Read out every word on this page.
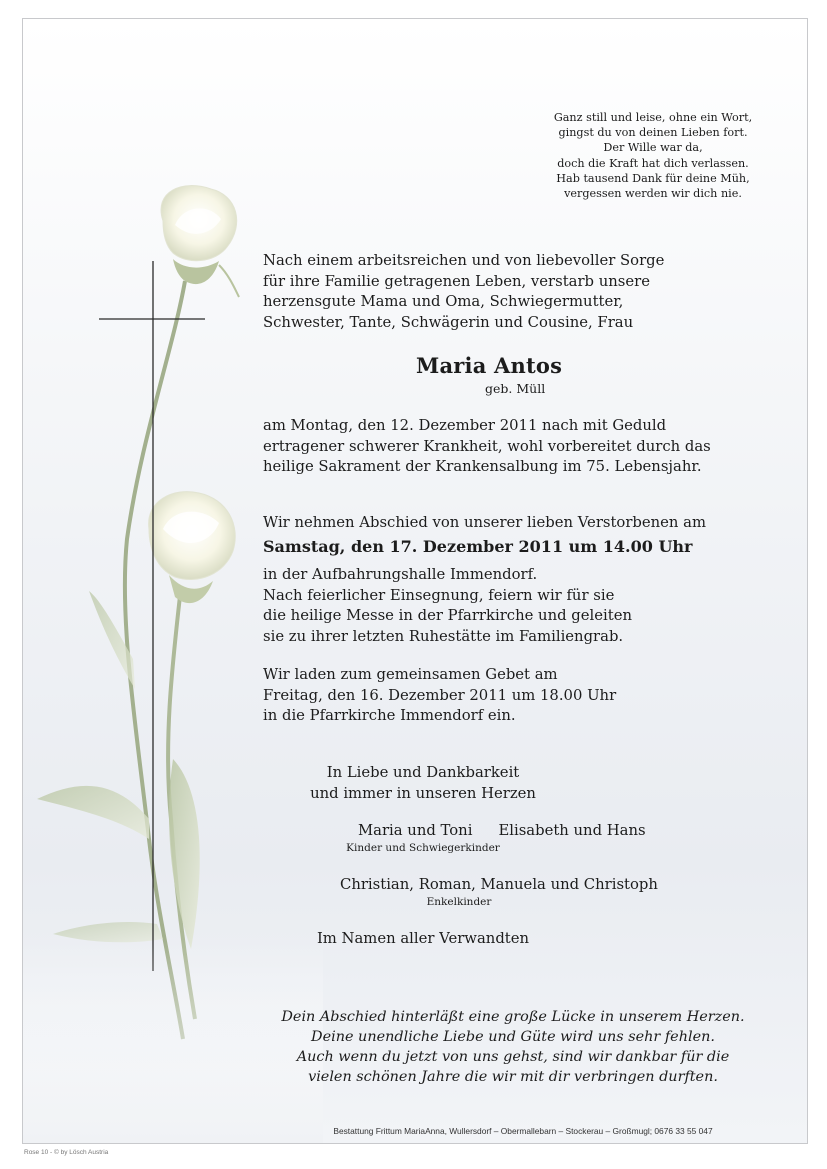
Ganz still und leise, ohne ein Wort,
gingst du von deinen Lieben fort.
Der Wille war da,
doch die Kraft hat dich verlassen.
Hab tausend Dank für deine Müh,
vergessen werden wir dich nie.
Nach einem arbeitsreichen und von liebevoller Sorge
für ihre Familie getragenen Leben, verstarb unsere
herzensgute Mama und Oma, Schwiegermutter,
Schwester, Tante, Schwägerin und Cousine, Frau
Maria Antos
geb. Müll
am Montag, den 12. Dezember 2011 nach mit Geduld
ertragener schwerer Krankheit, wohl vorbereitet durch das
heilige Sakrament der Krankensalbung im 75. Lebensjahr.
Wir nehmen Abschied von unserer lieben Verstorbenen am
Samstag, den 17. Dezember 2011 um 14.00 Uhr
in der Aufbahrungshalle Immendorf.
Nach feierlicher Einsegnung, feiern wir für sie
die heilige Messe in der Pfarrkirche und geleiten
sie zu ihrer letzten Ruhestätte im Familiengrab.
Wir laden zum gemeinsamen Gebet am
Freitag, den 16. Dezember 2011 um 18.00 Uhr
in die Pfarrkirche Immendorf ein.
In Liebe und Dankbarkeit
und immer in unseren Herzen
Maria und Toni Elisabeth und Hans
Kinder und Schwiegerkinder
Christian, Roman, Manuela und Christoph
Enkelkinder
Im Namen aller Verwandten
Dein Abschied hinterläßt eine große Lücke in unserem Herzen.
Deine unendliche Liebe und Güte wird uns sehr fehlen.
Auch wenn du jetzt von uns gehst, sind wir dankbar für die
vielen schönen Jahre die wir mit dir verbringen durften.
Bestattung Frittum MariaAnna, Wullersdorf – Obermallebarn – Stockerau – Großmugl; 0676 33 55 047
Rose 10 - © by Lösch Austria
